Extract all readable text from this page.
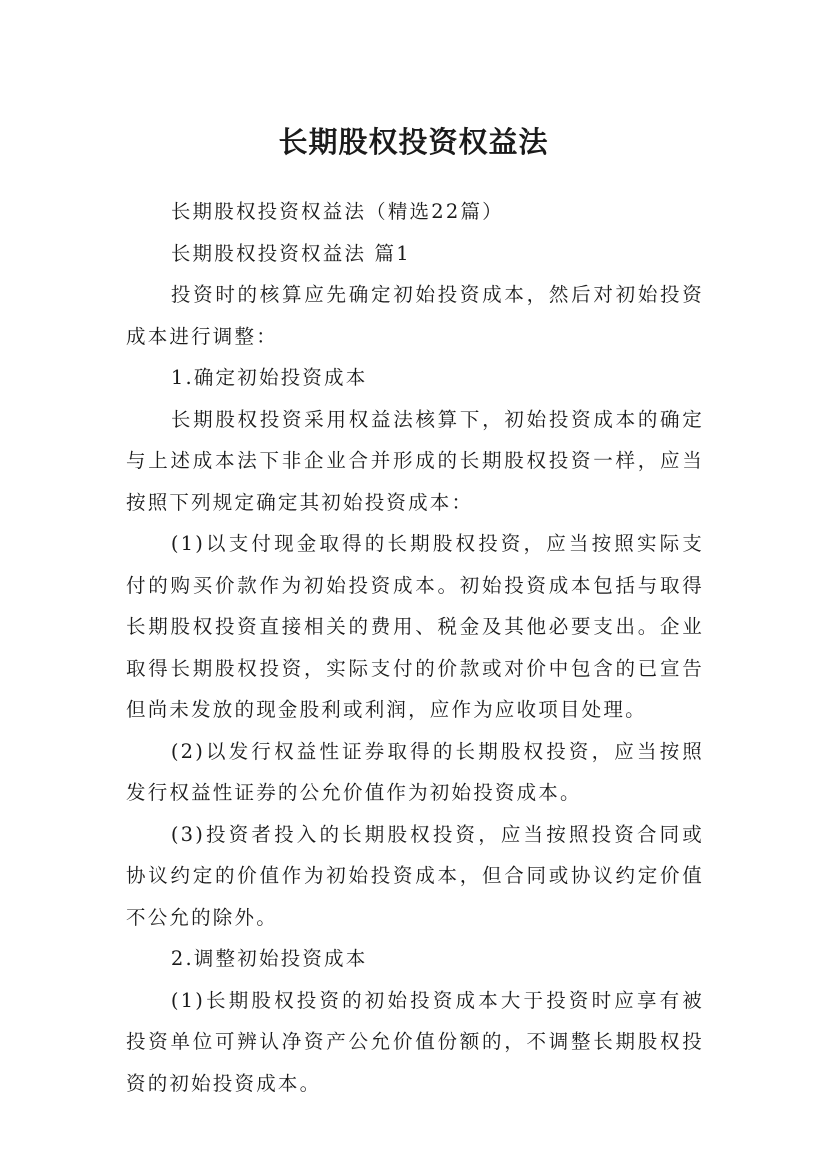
长期股权投资权益法

长期股权投资权益法（精选22篇）

长期股权投资权益法 篇1

投资时的核算应先确定初始投资成本，然后对初始投资成本进行调整：

1.确定初始投资成本

长期股权投资采用权益法核算下，初始投资成本的确定与上述成本法下非企业合并形成的长期股权投资一样，应当按照下列规定确定其初始投资成本：

(1)以支付现金取得的长期股权投资，应当按照实际支付的购买价款作为初始投资成本。初始投资成本包括与取得长期股权投资直接相关的费用、税金及其他必要支出。企业取得长期股权投资，实际支付的价款或对价中包含的已宣告但尚未发放的现金股利或利润，应作为应收项目处理。

(2)以发行权益性证券取得的长期股权投资，应当按照发行权益性证券的公允价值作为初始投资成本。

(3)投资者投入的长期股权投资，应当按照投资合同或协议约定的价值作为初始投资成本，但合同或协议约定价值不公允的除外。

2.调整初始投资成本

(1)长期股权投资的初始投资成本大于投资时应享有被投资单位可辨认净资产公允价值份额的，不调整长期股权投资的初始投资成本。
